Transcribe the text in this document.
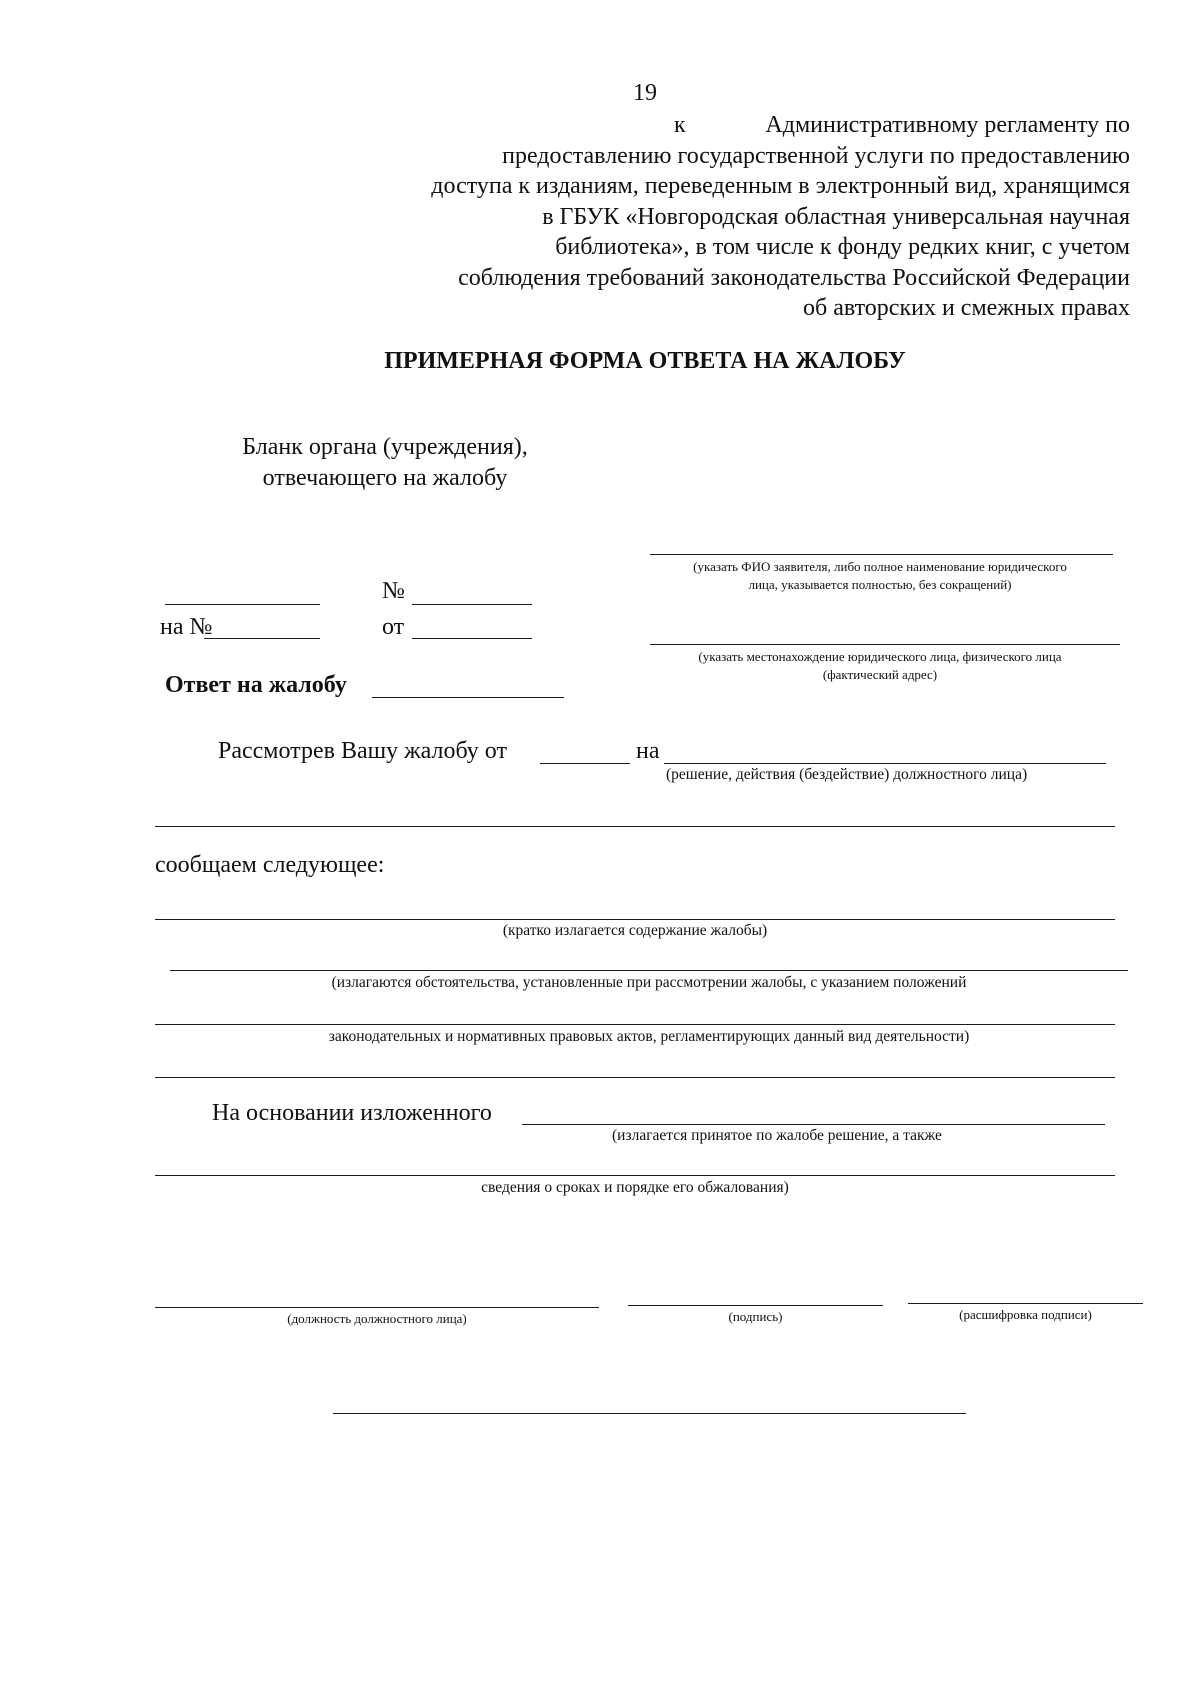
19
к	Административному регламенту по
предоставлению государственной услуги по предоставлению
доступа к изданиям, переведенным в электронный вид, хранящимся
в ГБУК «Новгородская областная универсальная научная
библиотека», в том числе к фонду редких книг, с учетом
соблюдения требований законодательства Российской Федерации
об авторских и смежных правах
ПРИМЕРНАЯ ФОРМА ОТВЕТА НА ЖАЛОБУ
Бланк органа (учреждения),
отвечающего на жалобу
(указать ФИО заявителя, либо полное наименование юридического
лица, указывается полностью, без сокращений)
(указать местонахождение юридического лица, физического лица
(фактический адрес)
№
на №	от
Ответ на жалобу
Рассмотрев Вашу жалобу от	на
(решение, действия (бездействие) должностного лица)
сообщаем следующее:
(кратко излагается содержание жалобы)
(излагаются обстоятельства, установленные при рассмотрении жалобы, с указанием положений
законодательных и нормативных правовых актов, регламентирующих данный вид деятельности)
На основании изложенного
(излагается принятое по жалобе решение, а также
сведения о сроках и порядке его обжалования)
(должность должностного лица)	(подпись)	(расшифровка подписи)
